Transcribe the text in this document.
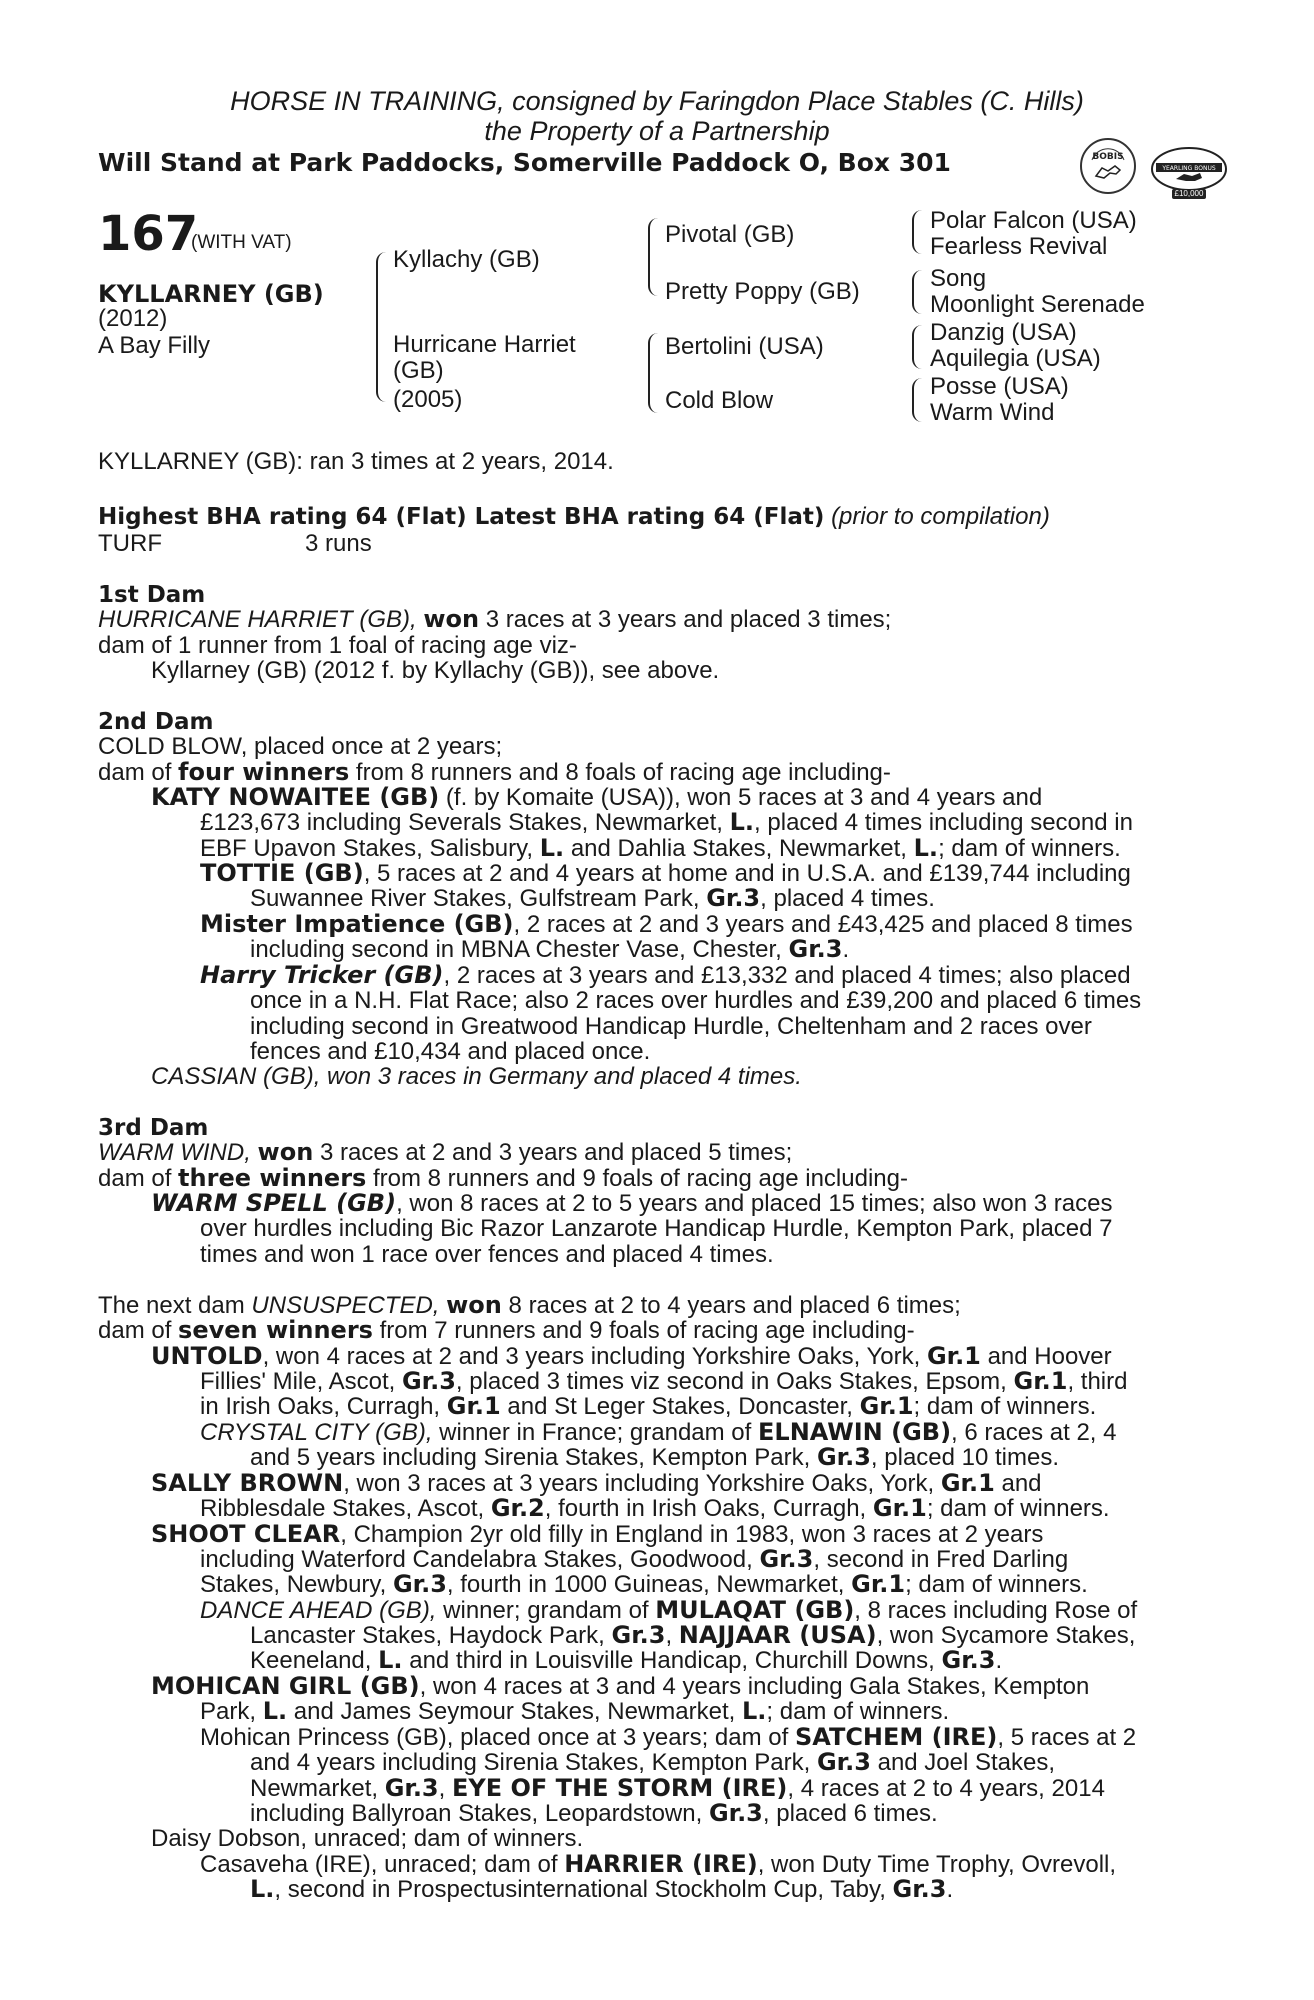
HORSE IN TRAINING, consigned by Faringdon Place Stables (C. Hills)
the Property of a Partnership
Will Stand at Park Paddocks, Somerville Paddock O, Box 301	BOBIS
YEARLING BONUS
£10,000
167
(WITH VAT)
KYLLARNEY (GB)
(2012)
A Bay Filly
Kyllachy (GB)
Hurricane Harriet
(GB)
(2005)
Pivotal (GB)
Pretty Poppy (GB)
Bertolini (USA)
Cold Blow
Polar Falcon (USA)
Fearless Revival
Song
Moonlight Serenade
Danzig (USA)
Aquilegia (USA)
Posse (USA)
Warm Wind
KYLLARNEY (GB): ran 3 times at 2 years, 2014.
Highest BHA rating 64 (Flat) Latest BHA rating 64 (Flat) (prior to compilation)
TURF	3 runs
1st Dam
HURRICANE HARRIET (GB), won 3 races at 3 years and placed 3 times;
dam of 1 runner from 1 foal of racing age viz-
Kyllarney (GB) (2012 f. by Kyllachy (GB)), see above.
2nd Dam
COLD BLOW, placed once at 2 years;
dam of four winners from 8 runners and 8 foals of racing age including-
KATY NOWAITEE (GB) (f. by Komaite (USA)), won 5 races at 3 and 4 years and
£123,673 including Severals Stakes, Newmarket, L., placed 4 times including second in
EBF Upavon Stakes, Salisbury, L. and Dahlia Stakes, Newmarket, L.; dam of winners.
TOTTIE (GB), 5 races at 2 and 4 years at home and in U.S.A. and £139,744 including
Suwannee River Stakes, Gulfstream Park, Gr.3, placed 4 times.
Mister Impatience (GB), 2 races at 2 and 3 years and £43,425 and placed 8 times
including second in MBNA Chester Vase, Chester, Gr.3.
Harry Tricker (GB), 2 races at 3 years and £13,332 and placed 4 times; also placed
once in a N.H. Flat Race; also 2 races over hurdles and £39,200 and placed 6 times
including second in Greatwood Handicap Hurdle, Cheltenham and 2 races over
fences and £10,434 and placed once.
CASSIAN (GB), won 3 races in Germany and placed 4 times.
3rd Dam
WARM WIND, won 3 races at 2 and 3 years and placed 5 times;
dam of three winners from 8 runners and 9 foals of racing age including-
WARM SPELL (GB), won 8 races at 2 to 5 years and placed 15 times; also won 3 races
over hurdles including Bic Razor Lanzarote Handicap Hurdle, Kempton Park, placed 7
times and won 1 race over fences and placed 4 times.
The next dam UNSUSPECTED, won 8 races at 2 to 4 years and placed 6 times;
dam of seven winners from 7 runners and 9 foals of racing age including-
UNTOLD, won 4 races at 2 and 3 years including Yorkshire Oaks, York, Gr.1 and Hoover
Fillies' Mile, Ascot, Gr.3, placed 3 times viz second in Oaks Stakes, Epsom, Gr.1, third
in Irish Oaks, Curragh, Gr.1 and St Leger Stakes, Doncaster, Gr.1; dam of winners.
CRYSTAL CITY (GB), winner in France; grandam of ELNAWIN (GB), 6 races at 2, 4
and 5 years including Sirenia Stakes, Kempton Park, Gr.3, placed 10 times.
SALLY BROWN, won 3 races at 3 years including Yorkshire Oaks, York, Gr.1 and
Ribblesdale Stakes, Ascot, Gr.2, fourth in Irish Oaks, Curragh, Gr.1; dam of winners.
SHOOT CLEAR, Champion 2yr old filly in England in 1983, won 3 races at 2 years
including Waterford Candelabra Stakes, Goodwood, Gr.3, second in Fred Darling
Stakes, Newbury, Gr.3, fourth in 1000 Guineas, Newmarket, Gr.1; dam of winners.
DANCE AHEAD (GB), winner; grandam of MULAQAT (GB), 8 races including Rose of
Lancaster Stakes, Haydock Park, Gr.3, NAJJAAR (USA), won Sycamore Stakes,
Keeneland, L. and third in Louisville Handicap, Churchill Downs, Gr.3.
MOHICAN GIRL (GB), won 4 races at 3 and 4 years including Gala Stakes, Kempton
Park, L. and James Seymour Stakes, Newmarket, L.; dam of winners.
Mohican Princess (GB), placed once at 3 years; dam of SATCHEM (IRE), 5 races at 2
and 4 years including Sirenia Stakes, Kempton Park, Gr.3 and Joel Stakes,
Newmarket, Gr.3, EYE OF THE STORM (IRE), 4 races at 2 to 4 years, 2014
including Ballyroan Stakes, Leopardstown, Gr.3, placed 6 times.
Daisy Dobson, unraced; dam of winners.
Casaveha (IRE), unraced; dam of HARRIER (IRE), won Duty Time Trophy, Ovrevoll,
L., second in Prospectusinternational Stockholm Cup, Taby, Gr.3.
